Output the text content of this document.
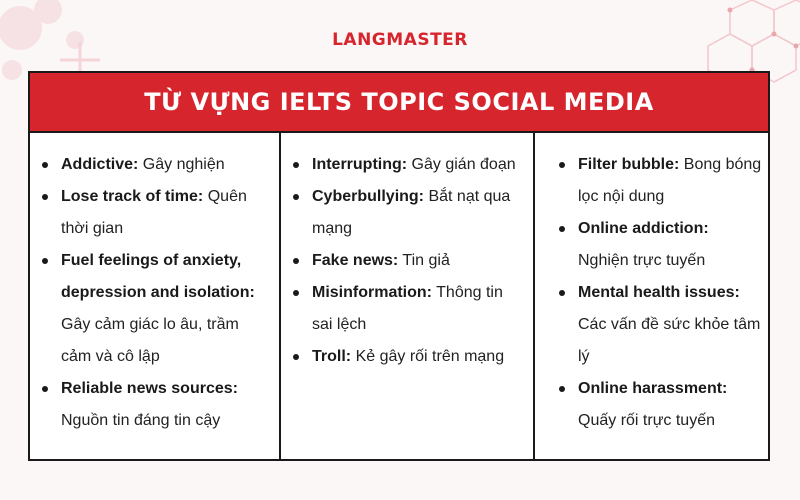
LANGMASTER
TỪ VỰNG IELTS TOPIC SOCIAL MEDIA
Addictive: Gây nghiện
Lose track of time: Quên thời gian
Fuel feelings of anxiety, depression and isolation: Gây cảm giác lo âu, trầm cảm và cô lập
Reliable news sources: Nguồn tin đáng tin cậy
Interrupting: Gây gián đoạn
Cyberbullying: Bắt nạt qua mạng
Fake news: Tin giả
Misinformation: Thông tin sai lệch
Troll: Kẻ gây rối trên mạng
Filter bubble: Bong bóng lọc nội dung
Online addiction: Nghiện trực tuyến
Mental health issues: Các vấn đề sức khỏe tâm lý
Online harassment: Quấy rối trực tuyến
